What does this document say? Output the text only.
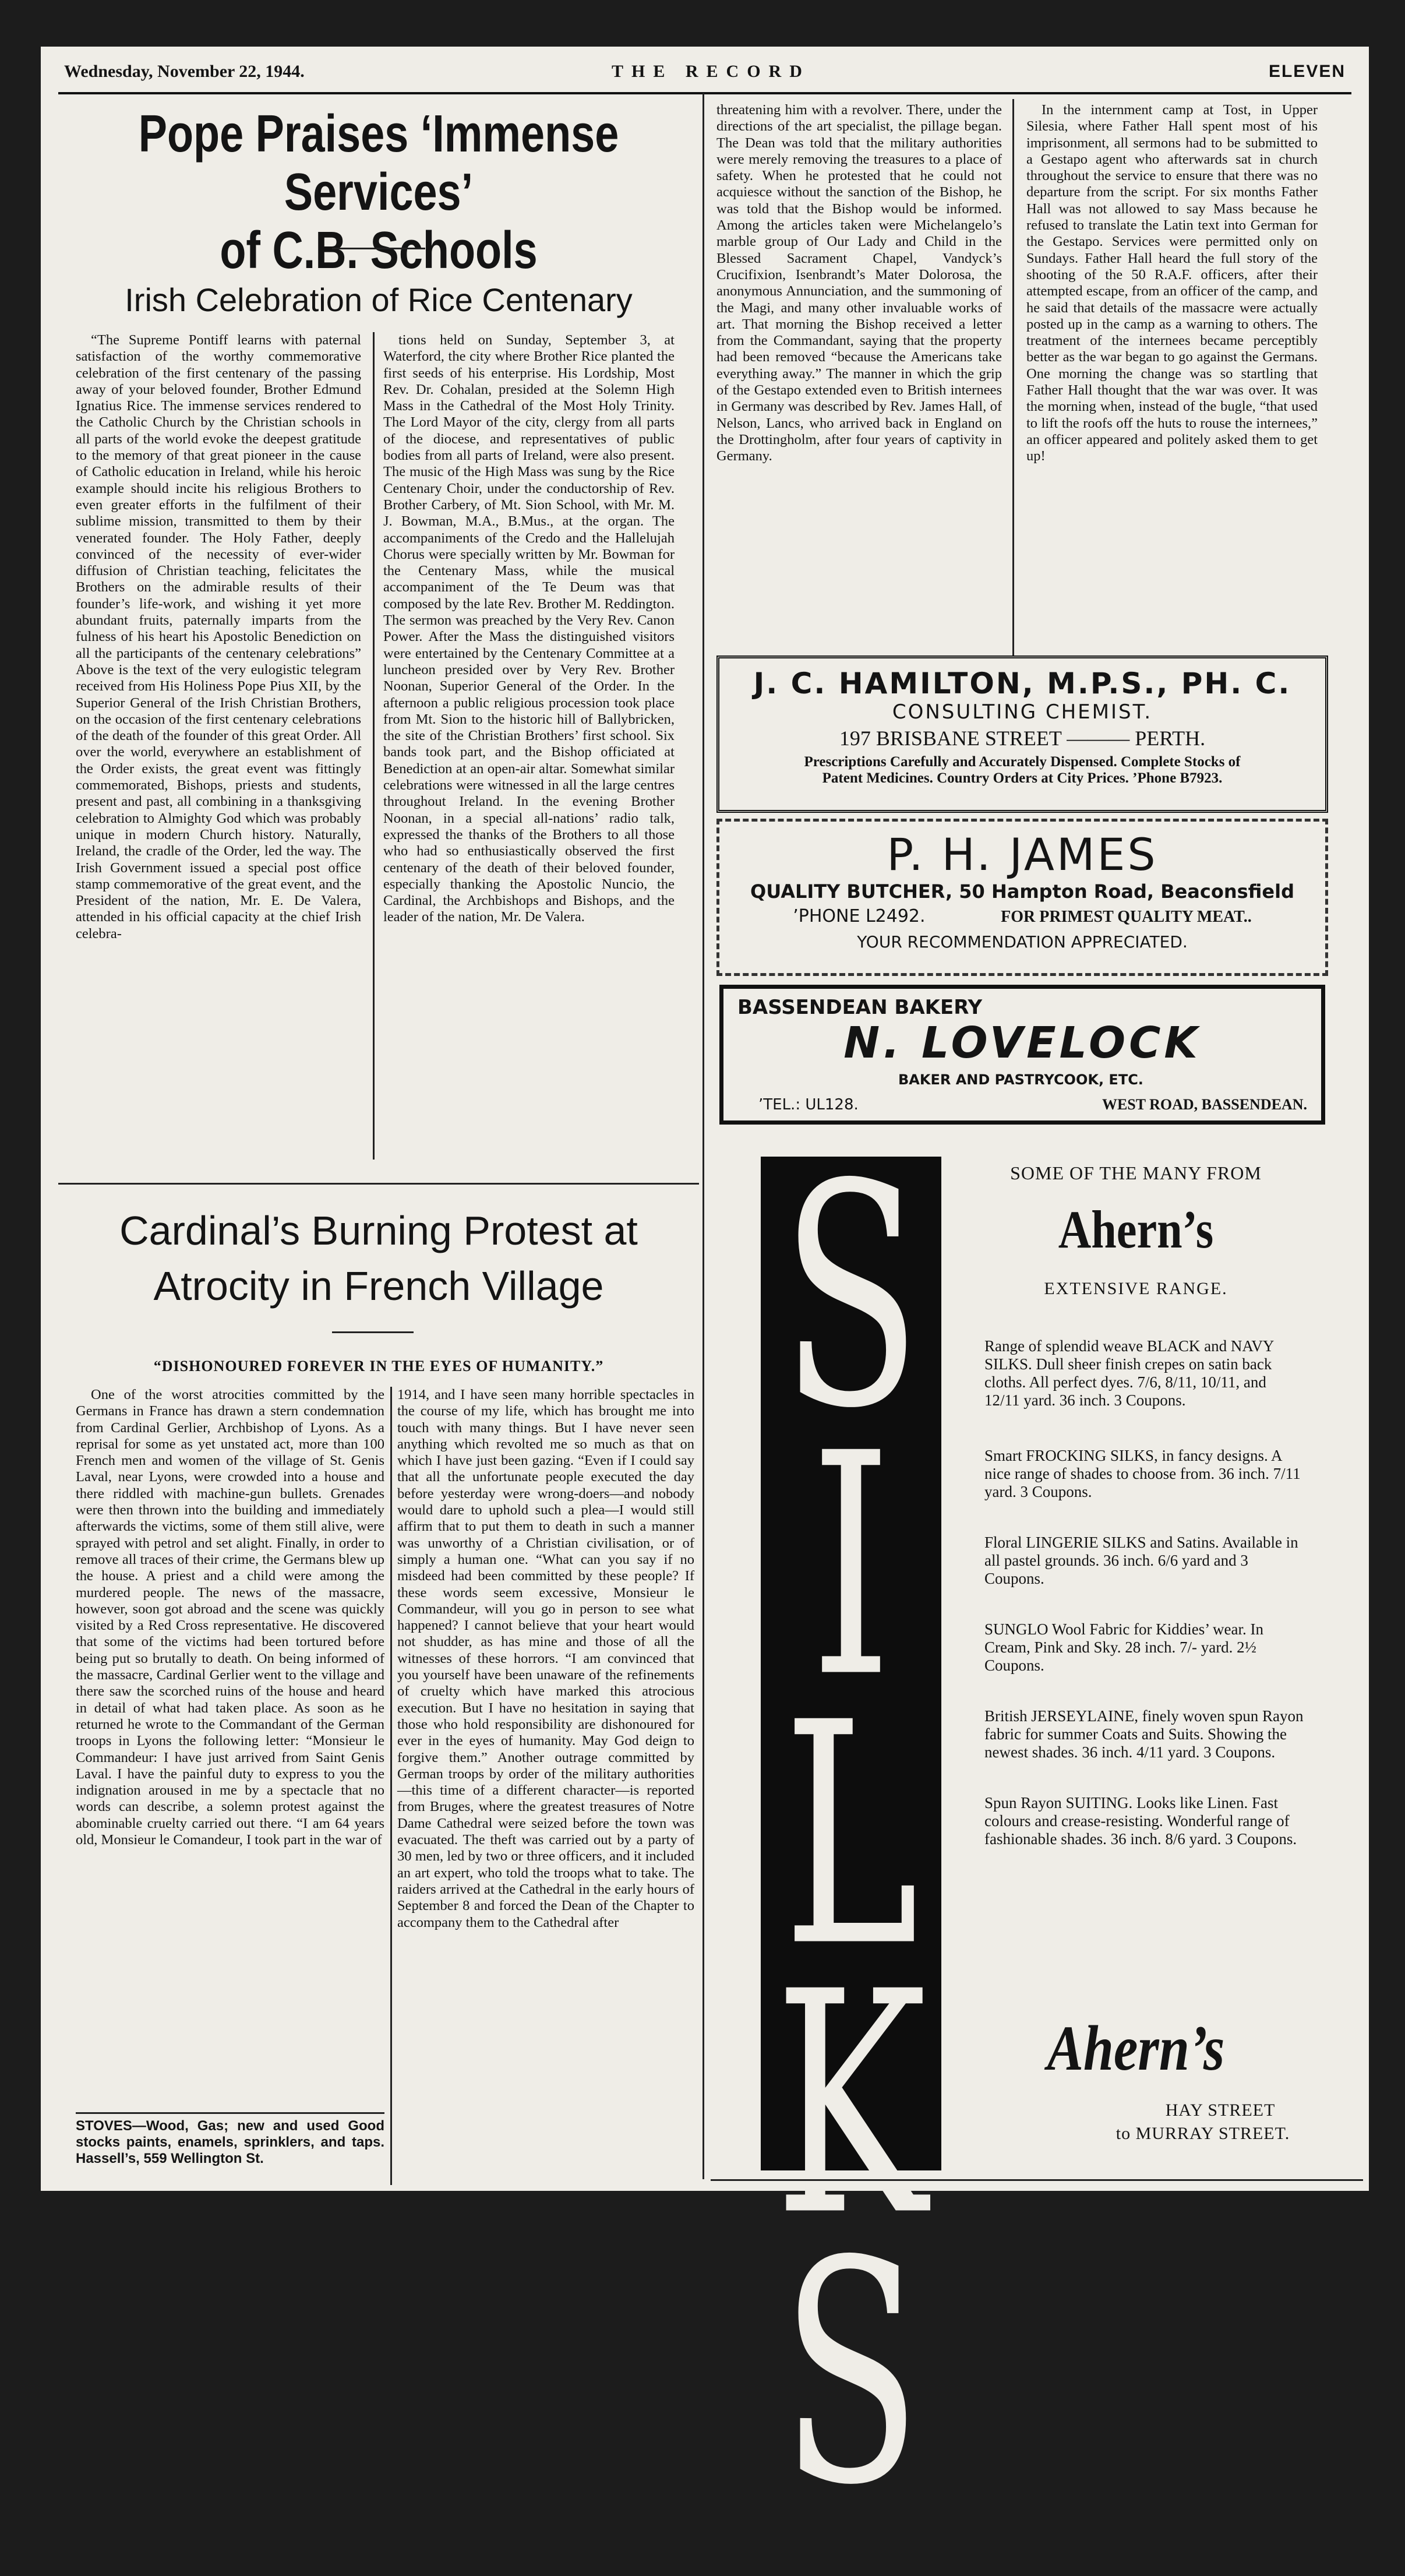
Wednesday, November 22, 1944.	THE RECORD	ELEVEN
Pope Praises ‘Immense Services’
of C.B. Schools
Irish Celebration of Rice Centenary

“The Supreme Pontiff learns with paternal satisfaction of the worthy commemorative celebration of the first centenary of the passing away of your beloved founder, Brother Edmund Ignatius Rice. The immense services rendered to the Catholic Church by the Christian schools in all parts of the world evoke the deepest gratitude to the memory of that great pioneer in the cause of Catholic education in Ireland, while his heroic example should incite his religious Brothers to even greater efforts in the fulfilment of their sublime mission, transmitted to them by their venerated founder. The Holy Father, deeply convinced of the necessity of ever-wider diffusion of Christian teaching, felicitates the Brothers on the admirable results of their founder’s life-work, and wishing it yet more abundant fruits, paternally imparts from the fulness of his heart his Apostolic Benediction on all the participants of the centenary celebrations” Above is the text of the very eulogistic telegram received from His Holiness Pope Pius XII, by the Superior General of the Irish Christian Brothers, on the occasion of the first centenary celebrations of the death of the founder of this great Order. All over the world, everywhere an establishment of the Order exists, the great event was fittingly commemorated, Bishops, priests and students, present and past, all combining in a thanksgiving celebration to Almighty God which was probably unique in modern Church history. Naturally, Ireland, the cradle of the Order, led the way. The Irish Government issued a special post office stamp commemorative of the great event, and the President of the nation, Mr. E. De Valera, attended in his official capacity at the chief Irish celebra-

tions held on Sunday, September 3, at Waterford, the city where Brother Rice planted the first seeds of his enterprise. His Lordship, Most Rev. Dr. Cohalan, presided at the Solemn High Mass in the Cathedral of the Most Holy Trinity. The Lord Mayor of the city, clergy from all parts of the diocese, and representatives of public bodies from all parts of Ireland, were also present. The music of the High Mass was sung by the Rice Centenary Choir, under the conductorship of Rev. Brother Carbery, of Mt. Sion School, with Mr. M. J. Bowman, M.A., B.Mus., at the organ. The accompaniments of the Credo and the Hallelujah Chorus were specially written by Mr. Bowman for the Centenary Mass, while the musical accompaniment of the Te Deum was that composed by the late Rev. Brother M. Reddington. The sermon was preached by the Very Rev. Canon Power. After the Mass the distinguished visitors were entertained by the Centenary Committee at a luncheon presided over by Very Rev. Brother Noonan, Superior General of the Order. In the afternoon a public religious procession took place from Mt. Sion to the historic hill of Ballybricken, the site of the Christian Brothers’ first school. Six bands took part, and the Bishop officiated at Benediction at an open-air altar. Somewhat similar celebrations were witnessed in all the large centres throughout Ireland. In the evening Brother Noonan, in a special all-nations’ radio talk, expressed the thanks of the Brothers to all those who had so enthusiastically observed the first centenary of the death of their beloved founder, especially thanking the Apostolic Nuncio, the Cardinal, the Archbishops and Bishops, and the leader of the nation, Mr. De Valera.

threatening him with a revolver. There, under the directions of the art specialist, the pillage began. The Dean was told that the military authorities were merely removing the treasures to a place of safety. When he protested that he could not acquiesce without the sanction of the Bishop, he was told that the Bishop would be informed. Among the articles taken were Michelangelo’s marble group of Our Lady and Child in the Blessed Sacrament Chapel, Vandyck’s Crucifixion, Isenbrandt’s Mater Dolorosa, the anonymous Annunciation, and the summoning of the Magi, and many other invaluable works of art. That morning the Bishop received a letter from the Commandant, saying that the property had been removed “because the Americans take everything away.” The manner in which the grip of the Gestapo extended even to British internees in Germany was described by Rev. James Hall, of Nelson, Lancs, who arrived back in England on the Drottingholm, after four years of captivity in Germany.

In the internment camp at Tost, in Upper Silesia, where Father Hall spent most of his imprisonment, all sermons had to be submitted to a Gestapo agent who afterwards sat in church throughout the service to ensure that there was no departure from the script. For six months Father Hall was not allowed to say Mass because he refused to translate the Latin text into German for the Gestapo. Services were permitted only on Sundays. Father Hall heard the full story of the shooting of the 50 R.A.F. officers, after their attempted escape, from an officer of the camp, and he said that details of the massacre were actually posted up in the camp as a warning to others. The treatment of the internees became perceptibly better as the war began to go against the Germans. One morning the change was so startling that Father Hall thought that the war was over. It was the morning when, instead of the bugle, “that used to lift the roofs off the huts to rouse the internees,” an officer appeared and politely asked them to get up!

J. C. HAMILTON, M.P.S., PH. C.
CONSULTING CHEMIST.
197 BRISBANE STREET ——— PERTH.
Prescriptions Carefully and Accurately Dispensed. Complete Stocks of
Patent Medicines. Country Orders at City Prices. ’Phone B7923.
P. H. JAMES
QUALITY BUTCHER, 50 Hampton Road, Beaconsfield
’PHONE L2492.	FOR PRIMEST QUALITY MEAT..
YOUR RECOMMENDATION APPRECIATED.
BASSENDEAN BAKERY
N. LOVELOCK
BAKER AND PASTRYCOOK, ETC.
’TEL.: UL128.	WEST ROAD, BASSENDEAN.
Cardinal’s Burning Protest at
Atrocity in French Village
“DISHONOURED FOREVER IN THE EYES OF HUMANITY.”

One of the worst atrocities committed by the Germans in France has drawn a stern condemnation from Cardinal Gerlier, Archbishop of Lyons. As a reprisal for some as yet unstated act, more than 100 French men and women of the village of St. Genis Laval, near Lyons, were crowded into a house and there riddled with machine-gun bullets. Grenades were then thrown into the building and immediately afterwards the victims, some of them still alive, were sprayed with petrol and set alight. Finally, in order to remove all traces of their crime, the Germans blew up the house. A priest and a child were among the murdered people. The news of the massacre, however, soon got abroad and the scene was quickly visited by a Red Cross representative. He discovered that some of the victims had been tortured before being put so brutally to death. On being informed of the massacre, Cardinal Gerlier went to the village and there saw the scorched ruins of the house and heard in detail of what had taken place. As soon as he returned he wrote to the Commandant of the German troops in Lyons the following letter: “Monsieur le Commandeur: I have just arrived from Saint Genis Laval. I have the painful duty to express to you the indignation aroused in me by a spectacle that no words can describe, a solemn protest against the abominable cruelty carried out there. “I am 64 years old, Monsieur le Comandeur, I took part in the war of

1914, and I have seen many horrible spectacles in the course of my life, which has brought me into touch with many things. But I have never seen anything which revolted me so much as that on which I have just been gazing. “Even if I could say that all the unfortunate people executed the day before yesterday were wrong-doers—and nobody would dare to uphold such a plea—I would still affirm that to put them to death in such a manner was unworthy of a Christian civilisation, or of simply a human one. “What can you say if no misdeed had been committed by these people? If these words seem excessive, Monsieur le Commandeur, will you go in person to see what happened? I cannot believe that your heart would not shudder, as has mine and those of all the witnesses of these horrors. “I am convinced that you yourself have been unaware of the refinements of cruelty which have marked this atrocious execution. But I have no hesitation in saying that those who hold responsibility are dishonoured for ever in the eyes of humanity. May God deign to forgive them.” Another outrage committed by German troops by order of the military authorities—this time of a different character—is reported from Bruges, where the greatest treasures of Notre Dame Cathedral were seized before the town was evacuated. The theft was carried out by a party of 30 men, led by two or three officers, and it included an art expert, who told the troops what to take. The raiders arrived at the Cathedral in the early hours of September 8 and forced the Dean of the Chapter to accompany them to the Cathedral after

STOVES—Wood, Gas; new and used Good stocks paints, enamels, sprinklers, and taps. Hassell’s, 559 Wellington St.
S
I
L
K
S
SOME OF THE MANY FROM
Ahern’s
EXTENSIVE RANGE.

Range of splendid weave BLACK and NAVY SILKS. Dull sheer finish crepes on satin back cloths. All perfect dyes. 7/6, 8/11, 10/11, and 12/11 yard. 36 inch. 3 Coupons.

Smart FROCKING SILKS, in fancy designs. A nice range of shades to choose from. 36 inch. 7/11 yard. 3 Coupons.

Floral LINGERIE SILKS and Satins. Available in all pastel grounds. 36 inch. 6/6 yard and 3 Coupons.

SUNGLO Wool Fabric for Kiddies’ wear. In Cream, Pink and Sky. 28 inch. 7/- yard. 2½ Coupons.

British JERSEYLAINE, finely woven spun Rayon fabric for summer Coats and Suits. Showing the newest shades. 36 inch. 4/11 yard. 3 Coupons.

Spun Rayon SUITING. Looks like Linen. Fast colours and crease-resisting. Wonderful range of fashionable shades. 36 inch. 8/6 yard. 3 Coupons.

Ahern’s
HAY STREET
to MURRAY STREET.
